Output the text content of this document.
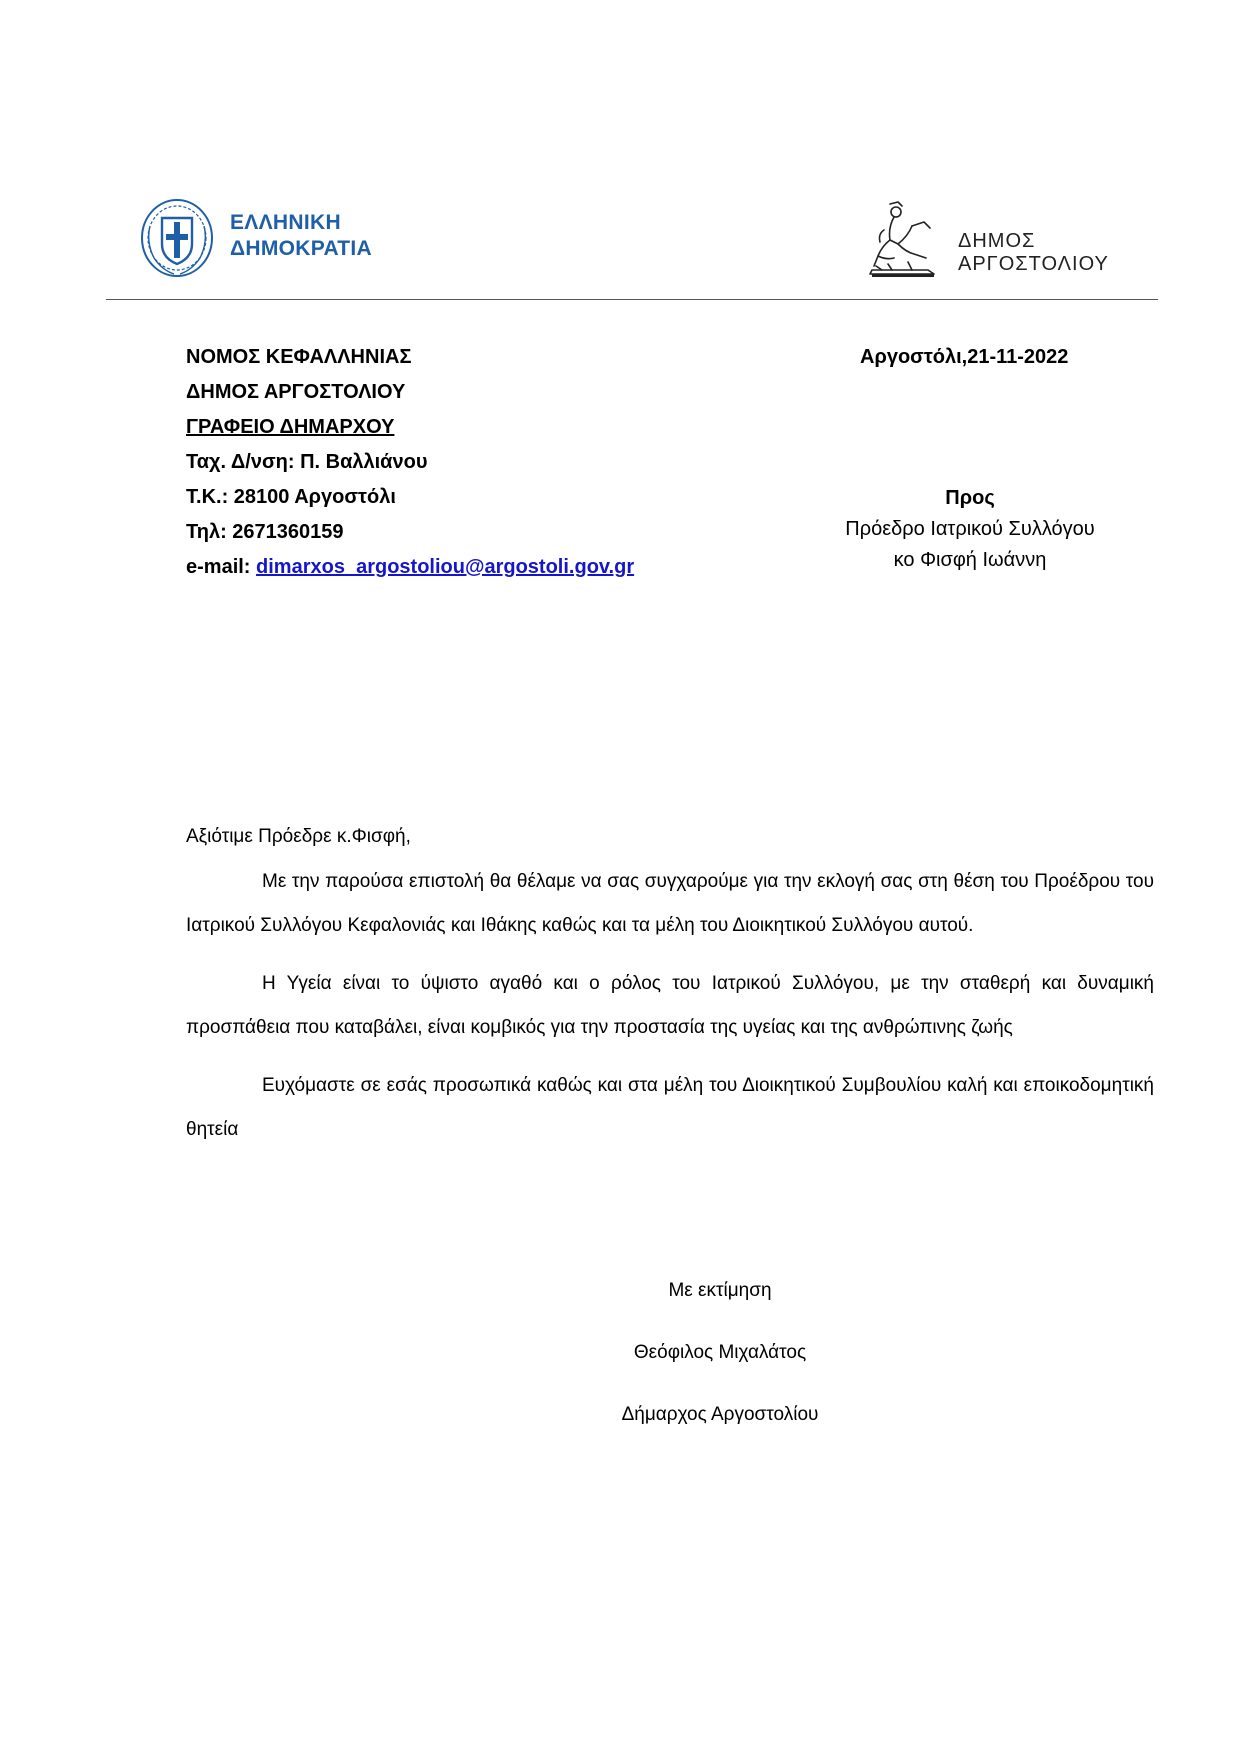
ΕΛΛΗΝΙΚΗ
ΔΗΜΟΚΡΑΤΙΑ	ΔΗΜΟΣ
ΑΡΓΟΣΤΟΛΙΟΥ
ΝΟΜΟΣ ΚΕΦΑΛΛΗΝΙΑΣ
ΔΗΜΟΣ ΑΡΓΟΣΤΟΛΙΟΥ
ΓΡΑΦΕΙΟ ΔΗΜΑΡΧΟΥ
Ταχ. Δ/νση: Π. Βαλλιάνου
Τ.Κ.: 28100 Αργοστόλι
Τηλ: 2671360159
e-mail: dimarxos_argostoliou@argostoli.gov.gr
Αργοστόλι,21-11-2022
Προς
Πρόεδρο Ιατρικού Συλλόγου
κο Φισφή Ιωάννη

Αξιότιμε Πρόεδρε κ.Φισφή,

Με την παρούσα επιστολή θα θέλαμε να σας συγχαρούμε για την εκλογή σας στη θέση του Προέδρου του Ιατρικού Συλλόγου Κεφαλονιάς και Ιθάκης καθώς και τα μέλη του Διοικητικού Συλλόγου αυτού.

Η Υγεία είναι το ύψιστο αγαθό και ο ρόλος του Ιατρικού Συλλόγου, με την σταθερή και δυναμική προσπάθεια που καταβάλει, είναι κομβικός για την προστασία της υγείας και της ανθρώπινης ζωής

Ευχόμαστε σε εσάς προσωπικά καθώς και στα μέλη του Διοικητικού Συμβουλίου καλή και εποικοδομητική θητεία

Με εκτίμηση
Θεόφιλος Μιχαλάτος
Δήμαρχος Αργοστολίου
